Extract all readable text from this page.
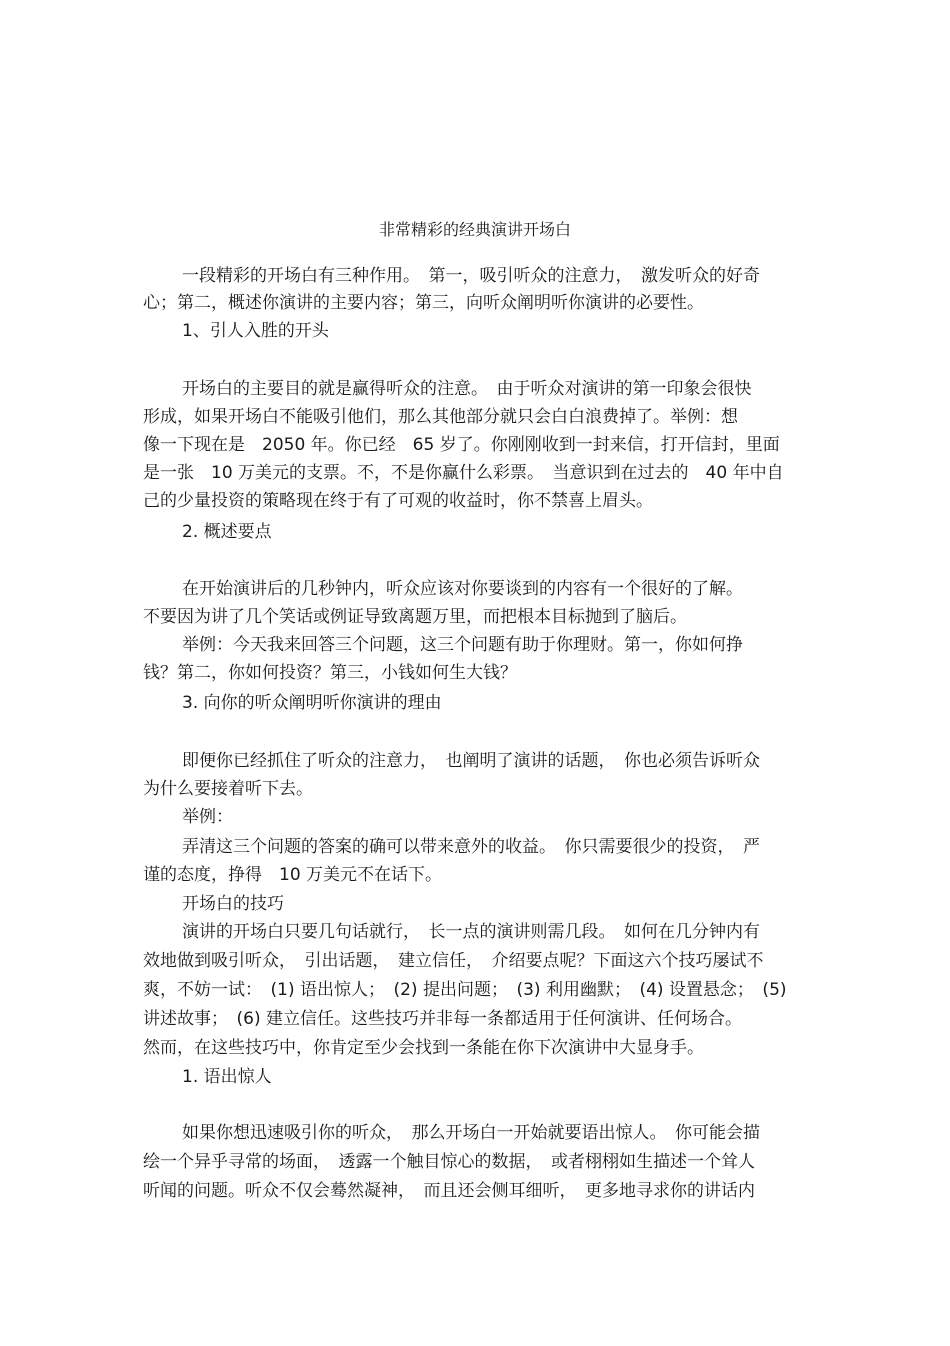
非常精彩的经典演讲开场白
一段精彩的开场白有三种作用。　第一，吸引听众的注意力，　激发听众的好奇
心；第二，概述你演讲的主要内容；第三，向听众阐明听你演讲的必要性。
1、引人入胜的开头
开场白的主要目的就是赢得听众的注意。　由于听众对演讲的第一印象会很快
形成，如果开场白不能吸引他们，那么其他部分就只会白白浪费掉了。举例：想
像一下现在是　2050 年。你已经　65 岁了。你刚刚收到一封来信，打开信封，里面
是一张　10 万美元的支票。不，不是你赢什么彩票。　当意识到在过去的　40 年中自
己的少量投资的策略现在终于有了可观的收益时，你不禁喜上眉头。
2. 概述要点
在开始演讲后的几秒钟内，听众应该对你要谈到的内容有一个很好的了解。
不要因为讲了几个笑话或例证导致离题万里，而把根本目标抛到了脑后。
举例：今天我来回答三个问题，这三个问题有助于你理财。第一，你如何挣
钱？第二，你如何投资？第三，小钱如何生大钱？
3. 向你的听众阐明听你演讲的理由
即便你已经抓住了听众的注意力，　也阐明了演讲的话题，　你也必须告诉听众
为什么要接着听下去。
举例：
弄清这三个问题的答案的确可以带来意外的收益。　你只需要很少的投资，　严
谨的态度，挣得　10 万美元不在话下。
开场白的技巧
演讲的开场白只要几句话就行，　长一点的演讲则需几段。　如何在几分钟内有
效地做到吸引听众，　引出话题，　建立信任，　介绍要点呢？下面这六个技巧屡试不
爽，不妨一试：　(1) 语出惊人；　(2) 提出问题；　(3) 利用幽默；　(4) 设置悬念；　(5)
讲述故事；　(6) 建立信任。这些技巧并非每一条都适用于任何演讲、任何场合。
然而，在这些技巧中，你肯定至少会找到一条能在你下次演讲中大显身手。
1. 语出惊人
如果你想迅速吸引你的听众，　那么开场白一开始就要语出惊人。　你可能会描
绘一个异乎寻常的场面，　透露一个触目惊心的数据，　或者栩栩如生描述一个耸人
听闻的问题。听众不仅会蓦然凝神，　而且还会侧耳细听，　更多地寻求你的讲话内
